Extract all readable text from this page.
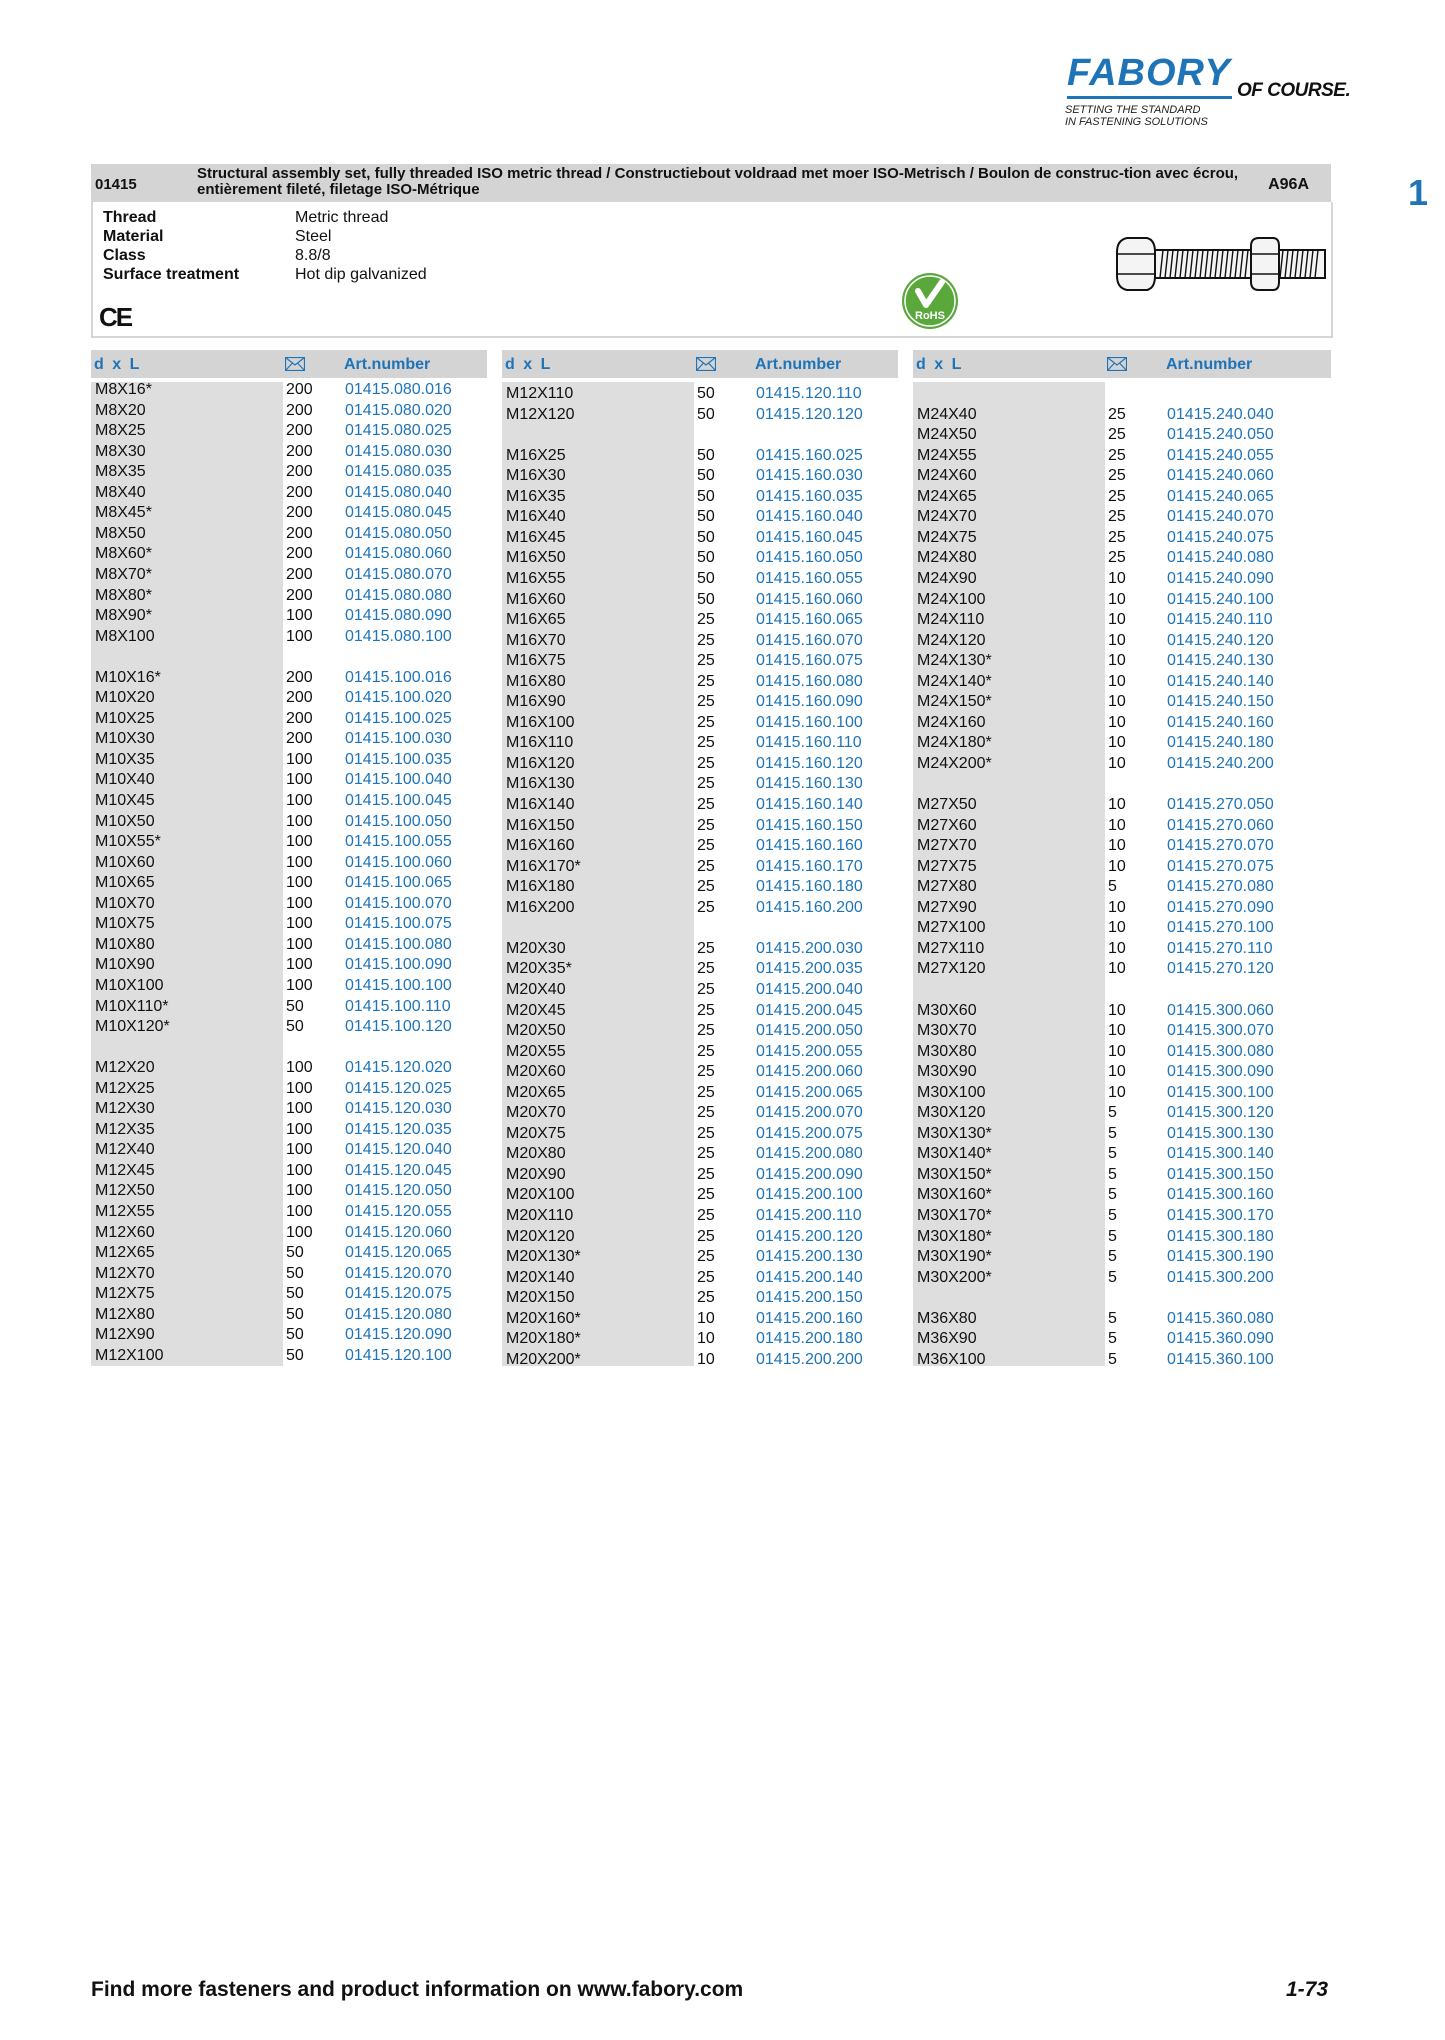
FABORY OF COURSE.
SETTING THE STANDARD
IN FASTENING SOLUTIONS
1
01415
Structural assembly set, fully threaded ISO metric thread / Constructiebout voldraad met moer ISO-Metrisch / Boulon de construc-tion avec écrou, entièrement fileté, filetage ISO-Métrique	A96A
Thread	Metric thread
Material	Steel
Class	8.8/8
Surface treatment	Hot dip galvanized
CE	RoHS
d x L	Art.number	d x L	Art.number	d x L	Art.number
M8X16*	200 01415.080.016
M8X20	200 01415.080.020
M8X25	200 01415.080.025
M8X30	200 01415.080.030
M8X35	200 01415.080.035
M8X40	200 01415.080.040
M8X45*	200 01415.080.045
M8X50	200 01415.080.050
M8X60*	200 01415.080.060
M8X70*	200 01415.080.070
M8X80*	200 01415.080.080
M8X90*	100 01415.080.090
M8X100	100 01415.080.100
M10X16*	200 01415.100.016
M10X20	200 01415.100.020
M10X25	200 01415.100.025
M10X30	200 01415.100.030
M10X35	100 01415.100.035
M10X40	100 01415.100.040
M10X45	100 01415.100.045
M10X50	100 01415.100.050
M10X55*	100 01415.100.055
M10X60	100 01415.100.060
M10X65	100 01415.100.065
M10X70	100 01415.100.070
M10X75	100 01415.100.075
M10X80	100 01415.100.080
M10X90	100 01415.100.090
M10X100	100 01415.100.100
M10X110*	50	01415.100.110
M10X120*	50	01415.100.120
M12X20	100 01415.120.020
M12X25	100 01415.120.025
M12X30	100 01415.120.030
M12X35	100 01415.120.035
M12X40	100 01415.120.040
M12X45	100 01415.120.045
M12X50	100 01415.120.050
M12X55	100 01415.120.055
M12X60	100 01415.120.060
M12X65	50	01415.120.065
M12X70	50	01415.120.070
M12X75	50	01415.120.075
M12X80	50	01415.120.080
M12X90	50	01415.120.090
M12X100	50	01415.120.100
M12X110	50	01415.120.110
M12X120	50	01415.120.120
M16X25	50	01415.160.025
M16X30	50	01415.160.030
M16X35	50	01415.160.035
M16X40	50	01415.160.040
M16X45	50	01415.160.045
M16X50	50	01415.160.050
M16X55	50	01415.160.055
M16X60	50	01415.160.060
M16X65	25	01415.160.065
M16X70	25	01415.160.070
M16X75	25	01415.160.075
M16X80	25	01415.160.080
M16X90	25	01415.160.090
M16X100	25	01415.160.100
M16X110	25	01415.160.110
M16X120	25	01415.160.120
M16X130	25	01415.160.130
M16X140	25	01415.160.140
M16X150	25	01415.160.150
M16X160	25	01415.160.160
M16X170*	25	01415.160.170
M16X180	25	01415.160.180
M16X200	25	01415.160.200
M20X30	25	01415.200.030
M20X35*	25	01415.200.035
M20X40	25	01415.200.040
M20X45	25	01415.200.045
M20X50	25	01415.200.050
M20X55	25	01415.200.055
M20X60	25	01415.200.060
M20X65	25	01415.200.065
M20X70	25	01415.200.070
M20X75	25	01415.200.075
M20X80	25	01415.200.080
M20X90	25	01415.200.090
M20X100	25	01415.200.100
M20X110	25	01415.200.110
M20X120	25	01415.200.120
M20X130*	25	01415.200.130
M20X140	25	01415.200.140
M20X150	25	01415.200.150
M20X160*	10	01415.200.160
M20X180*	10	01415.200.180
M20X200*	10	01415.200.200
M24X40	25	01415.240.040
M24X50	25	01415.240.050
M24X55	25	01415.240.055
M24X60	25	01415.240.060
M24X65	25	01415.240.065
M24X70	25	01415.240.070
M24X75	25	01415.240.075
M24X80	25	01415.240.080
M24X90	10	01415.240.090
M24X100	10	01415.240.100
M24X110	10	01415.240.110
M24X120	10	01415.240.120
M24X130*	10	01415.240.130
M24X140*	10	01415.240.140
M24X150*	10	01415.240.150
M24X160	10	01415.240.160
M24X180*	10	01415.240.180
M24X200*	10	01415.240.200
M27X50	10	01415.270.050
M27X60	10	01415.270.060
M27X70	10	01415.270.070
M27X75	10	01415.270.075
M27X80	5	01415.270.080
M27X90	10	01415.270.090
M27X100	10	01415.270.100
M27X110	10	01415.270.110
M27X120	10	01415.270.120
M30X60	10	01415.300.060
M30X70	10	01415.300.070
M30X80	10	01415.300.080
M30X90	10	01415.300.090
M30X100	10	01415.300.100
M30X120	5	01415.300.120
M30X130*	5	01415.300.130
M30X140*	5	01415.300.140
M30X150*	5	01415.300.150
M30X160*	5	01415.300.160
M30X170*	5	01415.300.170
M30X180*	5	01415.300.180
M30X190*	5	01415.300.190
M30X200*	5	01415.300.200
M36X80	5	01415.360.080
M36X90	5	01415.360.090
M36X100	5	01415.360.100
Find more fasteners and product information on www.fabory.com	1-73
